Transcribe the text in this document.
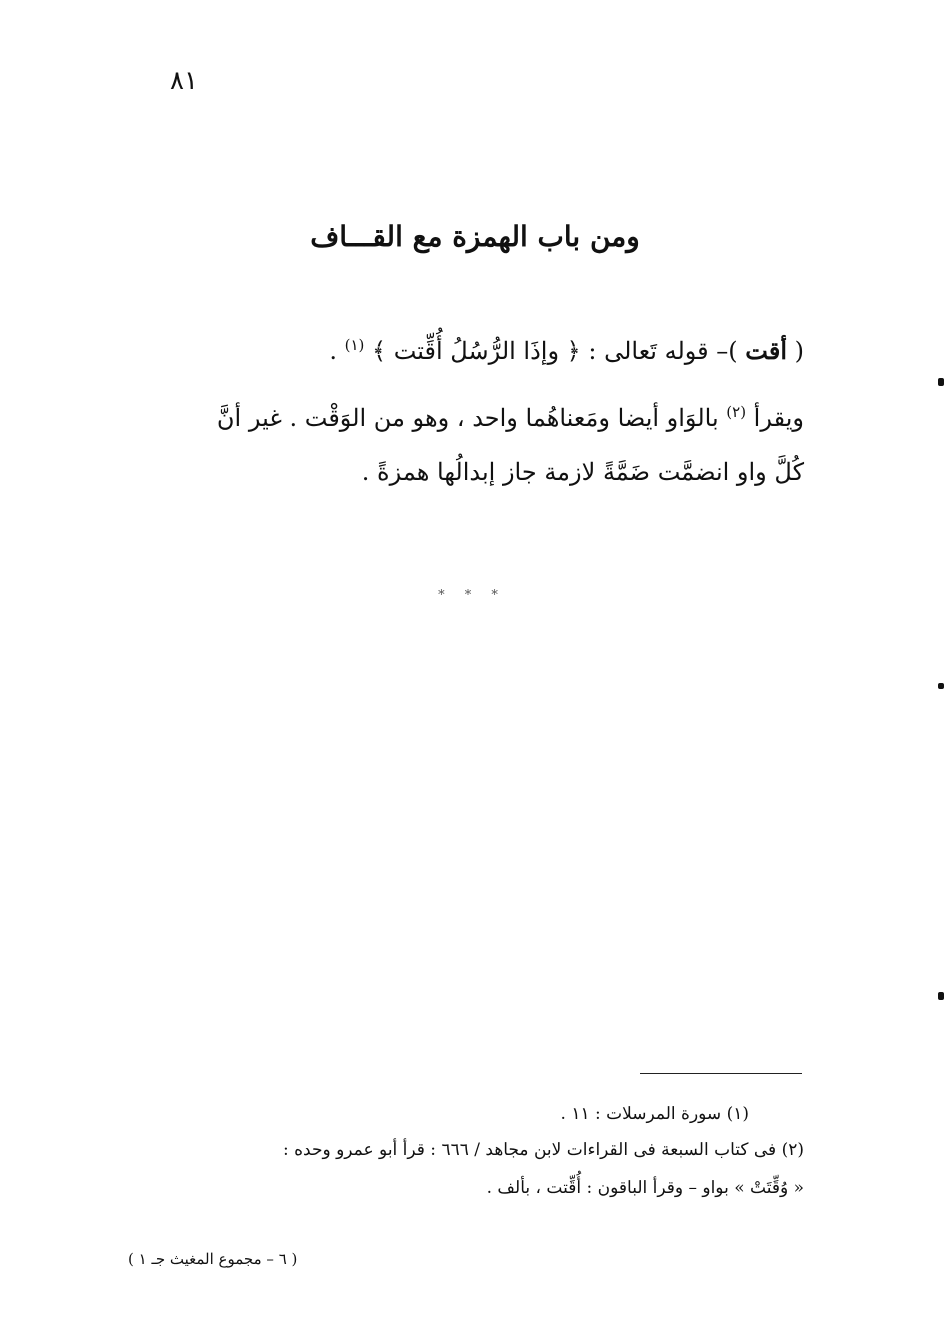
٨١
ومن باب الهمزة مع القـــاف
( أقت )– قوله تَعالى : ﴿ وإذَا الرُّسُلُ أُقِّتت ﴾ $^{(١)}$ .
ويقرأ $^{(٢)}$ بالوَاو أيضا ومَعناهُما واحد ، وهو من الوَقْت . غير أنَّ
كُلَّ واو انضمَّت ضَمَّةً لازمة جاز إبدالُها همزةً .
* * *
(١) سورة المرسلات : ١١ .
(٢) فى كتاب السبعة فى القراءات لابن مجاهد / ٦٦٦ : قرأ أبو عمرو وحده :
« وُقِّتَتْ » بواو – وقرأ الباقون : أُقِّتت ، بألف .
( ٦ – مجموع المغيث جـ ١ )
